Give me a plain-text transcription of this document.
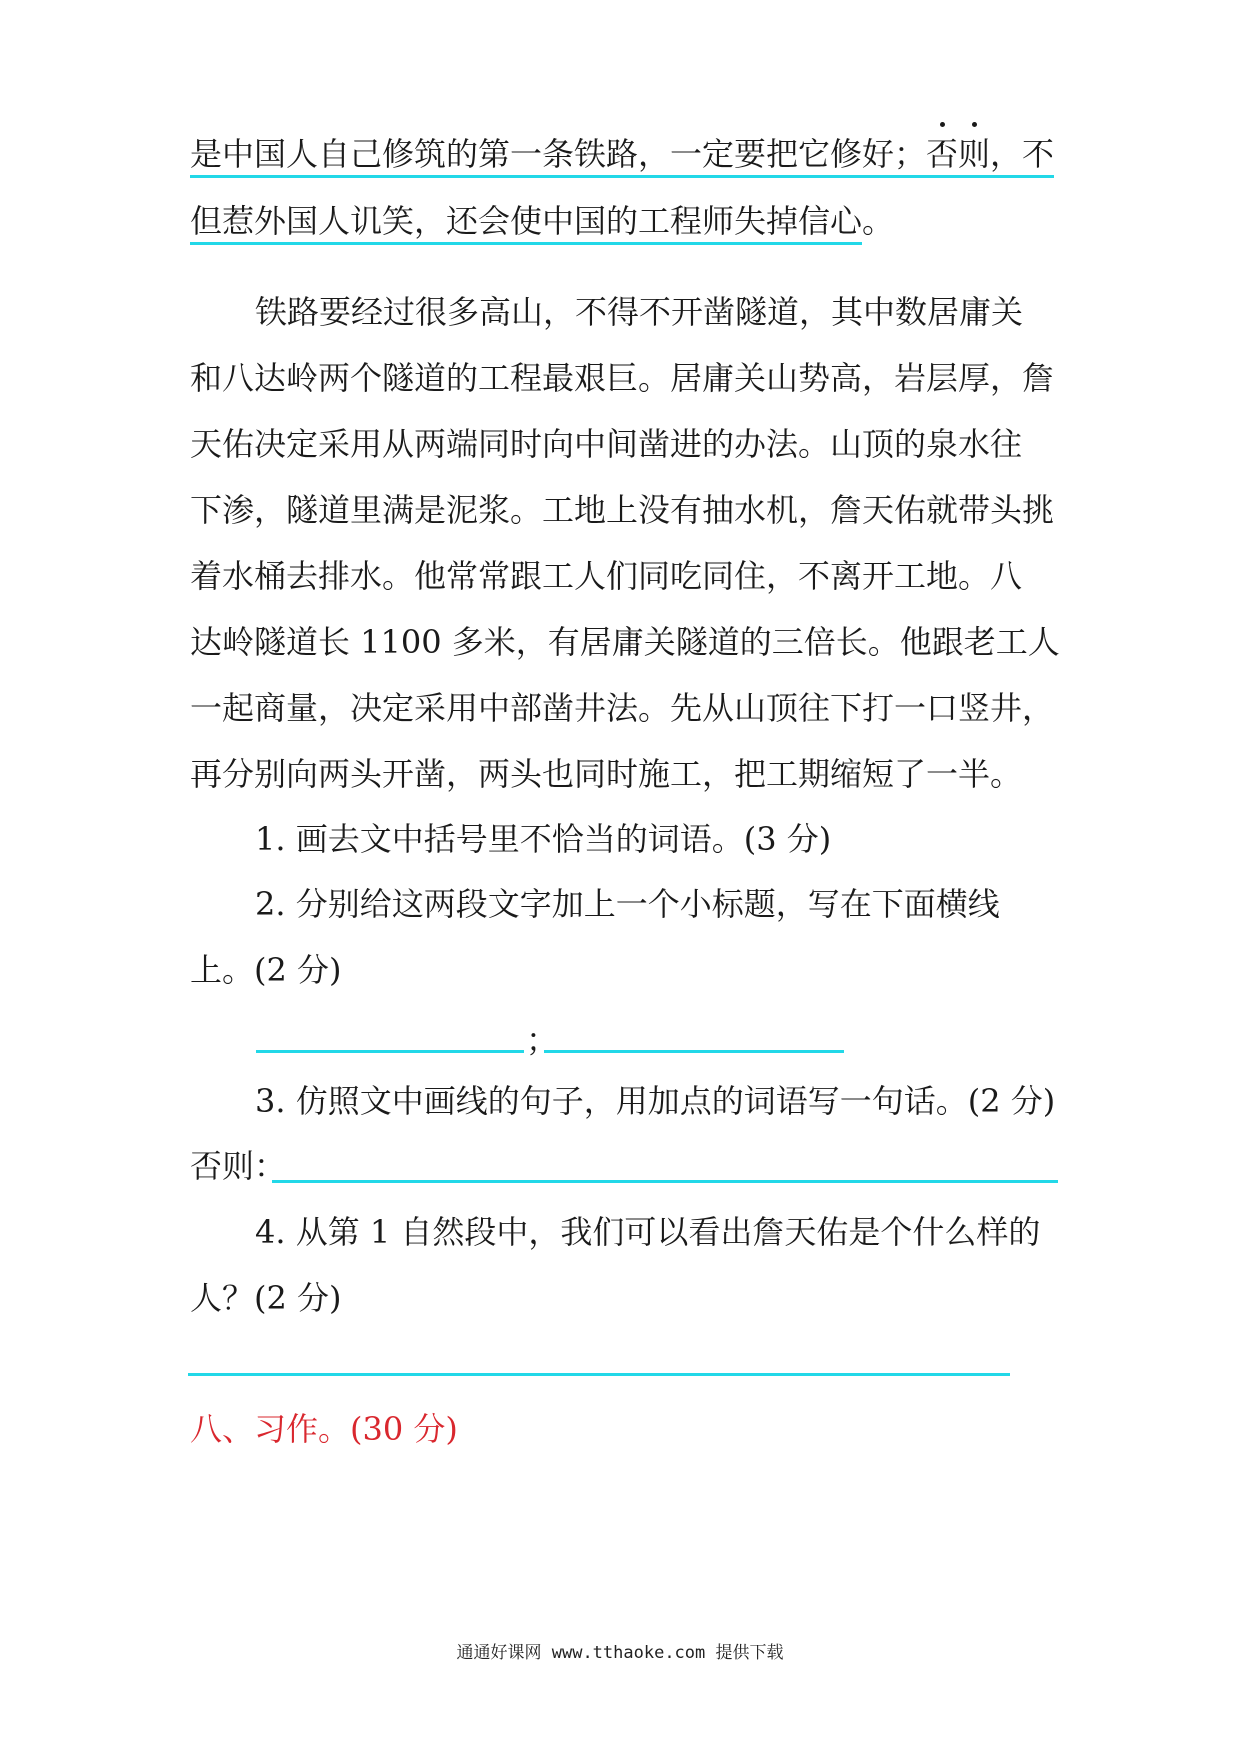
是中国人自己修筑的第一条铁路，一定要把它修好；否则，不
但惹外国人讥笑，还会使中国的工程师失掉信心。
铁路要经过很多高山，不得不开凿隧道，其中数居庸关
和八达岭两个隧道的工程最艰巨。居庸关山势高，岩层厚，詹
天佑决定采用从两端同时向中间凿进的办法。山顶的泉水往
下渗，隧道里满是泥浆。工地上没有抽水机，詹天佑就带头挑
着水桶去排水。他常常跟工人们同吃同住，不离开工地。八
达岭隧道长 1100 多米，有居庸关隧道的三倍长。他跟老工人
一起商量，决定采用中部凿井法。先从山顶往下打一口竖井，
再分别向两头开凿，两头也同时施工，把工期缩短了一半。
1. 画去文中括号里不恰当的词语。(3 分)
2. 分别给这两段文字加上一个小标题，写在下面横线
上。(2 分)
；
3. 仿照文中画线的句子，用加点的词语写一句话。(2 分)
否则：
4. 从第 1 自然段中，我们可以看出詹天佑是个什么样的
人？(2 分)
八、习作。(30 分)
通通好课网 www.tthaoke.com 提供下载
